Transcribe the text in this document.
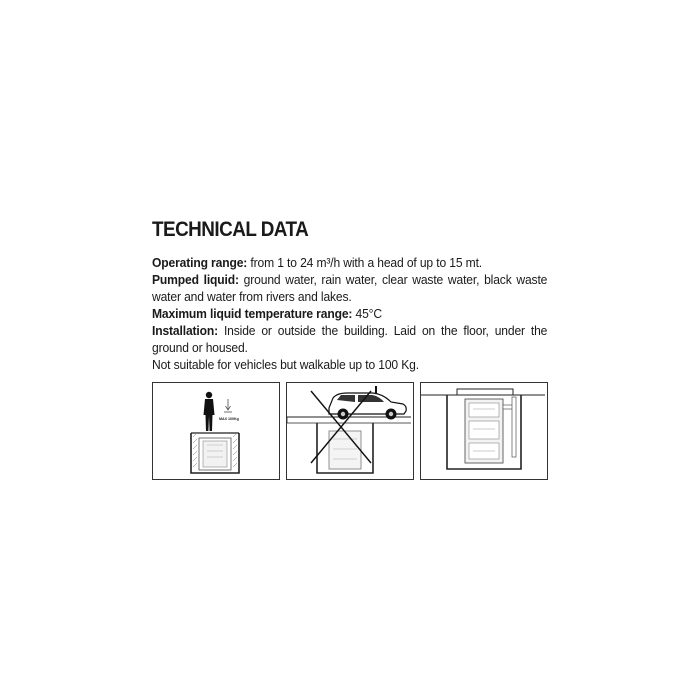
TECHNICAL DATA

Operating range: from 1 to 24 m³/h with a head of up to 15 mt.

Pumped liquid: ground water, rain water, clear waste water, black waste water and water from rivers and lakes.

Maximum liquid temperature range: 45°C

Installation: Inside or outside the building. Laid on the floor, under the ground or housed.

Not suitable for vehicles but walkable up to 100 Kg.

MAX 100Kg
